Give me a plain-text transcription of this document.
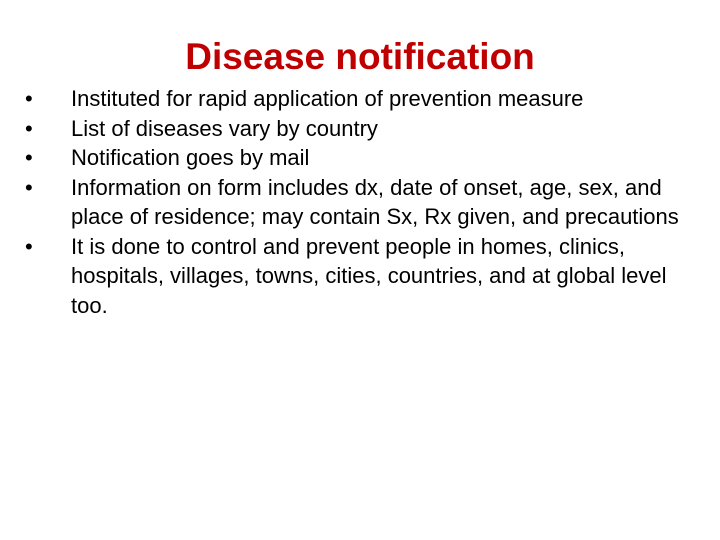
Disease notification
•	Instituted for rapid application of prevention measure
•	List of diseases vary by country
•	Notification goes by mail
•	Information on form includes dx, date of onset, age, sex, and place of residence; may contain Sx, Rx given, and precautions
•	It is done to control and prevent people in homes, clinics, hospitals, villages, towns, cities, countries, and at global level too.
